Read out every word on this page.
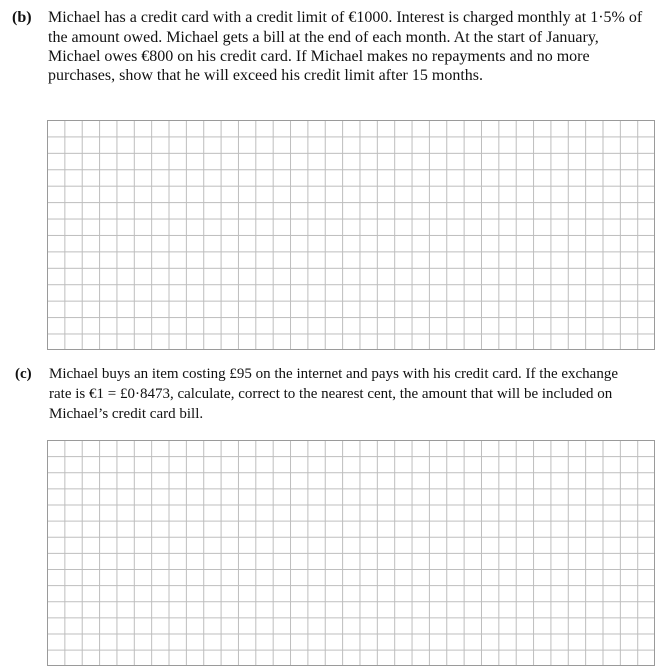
(b) Michael has a credit card with a credit limit of €1000. Interest is charged monthly at 1·5% of
the amount owed. Michael gets a bill at the end of each month. At the start of January,
Michael owes €800 on his credit card. If Michael makes no repayments and no more
purchases, show that he will exceed his credit limit after 15 months.
(c) Michael buys an item costing £95 on the internet and pays with his credit card. If the exchange
rate is €1 = £0·8473, calculate, correct to the nearest cent, the amount that will be included on
Michael’s credit card bill.
